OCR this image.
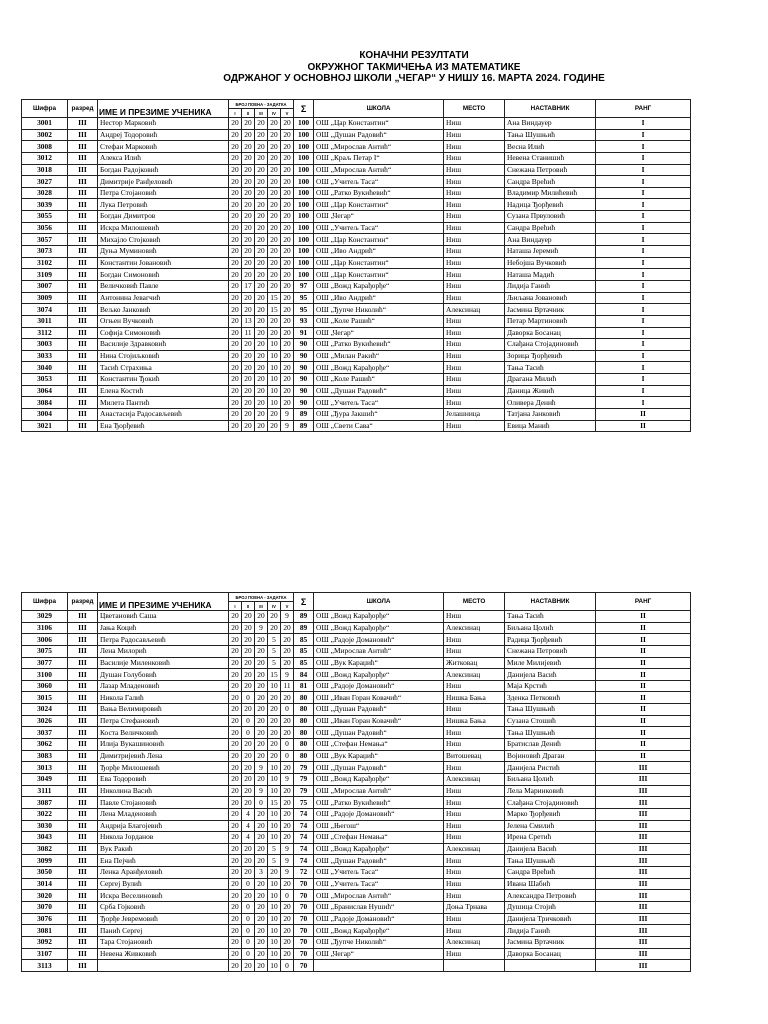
КОНАЧНИ РЕЗУЛТАТИ
ОКРУЖНОГ ТАКМИЧЕЊА ИЗ МАТЕМАТИКЕ
ОДРЖАНОГ У ОСНОВНОЈ ШКОЛИ „ЧЕГАР“ У НИШУ 16. МАРТА 2024. ГОДИНЕ
Шифра	разред	ИМЕ И ПРЕЗИМЕ УЧЕНИКА	БРОЈ ПОЕНА - ЗАДАТКА					Σ	ШКОЛА	МЕСТО	НАСТАВНИК	РАНГ
			I	II	III	IV	V					
3001	III	Нестор Марковић	20	20	20	20	20	100	ОШ „Цар Константин“	Ниш	Ана Виндауер	I
3002	III	Андреј Тодоровић	20	20	20	20	20	100	ОШ „Душан Радовић“	Ниш	Тања Шушњић	I
3008	III	Стефан Марковић	20	20	20	20	20	100	ОШ „Мирослав Антић“	Ниш	Весна Илић	I
3012	III	Алекса Илић	20	20	20	20	20	100	ОШ „Краљ Петар I“	Ниш	Невена Станишић	I
3018	III	Богдан Радојковић	20	20	20	20	20	100	ОШ „Мирослав Антић“	Ниш	Снежана Петровић	I
3027	III	Димитрије Ранђеловић	20	20	20	20	20	100	ОШ „Учитељ Таса“	Ниш	Сандра Врећић	I
3028	III	Петра Стојановић	20	20	20	20	20	100	ОШ „Ратко Вукићевић“	Ниш	Владимир Милићевић	I
3039	III	Лука Петровић	20	20	20	20	20	100	ОШ „Цар Константин“	Ниш	Надица Ђорђевић	I
3055	III	Богдан Димитров	20	20	20	20	20	100	ОШ „Чегар“	Ниш	Сузана Првуловић	I
3056	III	Искра Милошевић	20	20	20	20	20	100	ОШ „Учитељ Таса“	Ниш	Сандра Врећић	I
3057	III	Михајло Стојковић	20	20	20	20	20	100	ОШ „Цар Константин“	Ниш	Ана Виндауер	I
3073	III	Дуња Муминовић	20	20	20	20	20	100	ОШ „Иво Андрић“	Ниш	Наташа Јеремић	I
3102	III	Константин Јовановић	20	20	20	20	20	100	ОШ „Цар Константин“	Ниш	Небојша Вучковић	I
3109	III	Богдан Симоновић	20	20	20	20	20	100	ОШ „Цар Константин“	Ниш	Наташа Мадић	I
3007	III	Величковић Павле	20	17	20	20	20	97	ОШ „Вожд Карађорђе“	Ниш	Лидија Ганић	I
3009	III	Антонина Јевагчић	20	20	20	15	20	95	ОШ „Иво Андрић“	Ниш	Љиљана Јовановић	I
3074	III	Вељко Јанковић	20	20	20	15	20	95	ОШ „Ђупче Николић“	Алексинац	Јасмина Вртачник	I
3011	III	Огњен Вучковић	20	13	20	20	20	93	ОШ „Коле Рашић“	Ниш	Петар Мартиновић	I
3112	III	Софија Симоновић	20	11	20	20	20	91	ОШ „Чегар“	Ниш	Даворка Босанац	I
3003	III	Василије Здравковић	20	20	20	10	20	90	ОШ „Ратко Вукићевић“	Ниш	Слађана Стојадиновић	I
3033	III	Нина Стојиљковић	20	20	20	10	20	90	ОШ „Милан Ракић“	Ниш	Зорица Ђорђевић	I
3040	III	Тасић Страхиња	20	20	20	10	20	90	ОШ „Вожд Карађорђе“	Ниш	Тања Тасић	I
3053	III	Константин Ђокић	20	20	20	10	20	90	ОШ „Коле Рашић“	Ниш	Драгана Милић	I
3064	III	Елена Костић	20	20	20	10	20	90	ОШ „Душан Радовић“	Ниш	Даница Живић	I
3084	III	Милета Пантић	20	20	20	10	20	90	ОШ „Учитељ Таса“	Ниш	Оливера Денић	I
3004	III	Анастасија Радосављевић	20	20	20	20	9	89	ОШ „Ђура Јакшић“	Јелашница	Татјана Јанковић	II
3021	III	Ена Ђорђевић	20	20	20	20	9	89	ОШ „Свети Сава“	Ниш	Евица Манић	II
Шифра	разред	ИМЕ И ПРЕЗИМЕ УЧЕНИКА	БРОЈ ПОЕНА - ЗАДАТКА					Σ	ШКОЛА	МЕСТО	НАСТАВНИК	РАНГ
			I	II	III	IV	V					
3029	III	Цветановић Саша	20	20	20	20	9	89	ОШ „Вожд Карађорђе“	Ниш	Тања Тасић	II
3106	III	Јања Коцић	20	20	9	20	20	89	ОШ „Вожд Карађорђе“	Алексинац	Биљана Цолић	II
3006	III	Петра Радосављевић	20	20	20	5	20	85	ОШ „Радоје Домановић“	Ниш	Радица Ђорђевић	II
3075	III	Лена Милорић	20	20	20	5	20	85	ОШ „Мирослав Антић“	Ниш	Снежана Петровић	II
3077	III	Василије Миленковић	20	20	20	5	20	85	ОШ „Вук Караџић“	Житковац	Миле Милијевић	II
3100	III	Душан Голубовић	20	20	20	15	9	84	ОШ „Вожд Карађорђе“	Алексинац	Данијела Васић	II
3060	III	Лазар Младеновић	20	20	20	10	11	81	ОШ „Радоје Домановић“	Ниш	Маја Крстић	II
3015	III	Никола Галић	20	0	20	20	20	80	ОШ „Иван Горан Ковачић“	Нишка Бања	Зденка Петковић	II
3024	III	Вања Велимировић	20	20	20	20	0	80	ОШ „Душан Радовић“	Ниш	Тања Шушњић	II
3026	III	Петра Стефановић	20	0	20	20	20	80	ОШ „Иван Горан Ковачић“	Нишка Бања	Сузана Стошић	II
3037	III	Коста Величковић	20	0	20	20	20	80	ОШ „Душан Радовић“	Ниш	Тања Шушњић	II
3062	III	Илија Вукашиновић	20	20	20	20	0	80	ОШ „Стефан Немања“	Ниш	Братислав Денић	II
3083	III	Димитријевић Лена	20	20	20	20	0	80	ОШ „Вук Караџић“	Витошевац	Војиновић Драган	II
3013	III	Ђорђе Милошевић	20	20	9	10	20	79	ОШ „Душан Радовић“	Ниш	Данијела Ристић	III
3049	III	Ева Тодоровић	20	20	20	10	9	79	ОШ „Вожд Карађорђе“	Алексинац	Биљана Цолић	III
3111	III	Николина Васић	20	20	9	10	20	79	ОШ „Мирослав Антић“	Ниш	Лела Маринковић	III
3087	III	Павле Стојановић	20	20	0	15	20	75	ОШ „Ратко Вукићевић“	Ниш	Слађана Стојадиновић	III
3022	III	Лена Младеновић	20	4	20	10	20	74	ОШ „Радоје Домановић“	Ниш	Марко Ђорђевић	III
3030	III	Андрија Благојевић	20	4	20	10	20	74	ОШ „Његош“	Ниш	Јелена Смилић	III
3043	III	Никола Јорданов	20	4	20	10	20	74	ОШ „Стефан Немања“	Ниш	Ирена Сретић	III
3082	III	Вук Ракић	20	20	20	5	9	74	ОШ „Вожд Карађорђе“	Алексинац	Данијела Васић	III
3099	III	Ена Пејчић	20	20	20	5	9	74	ОШ „Душан Радовић“	Ниш	Тања Шушњић	III
3050	III	Ленка Аранђеловић	20	20	3	20	9	72	ОШ „Учитељ Таса“	Ниш	Сандра Врећић	III
3014	III	Сергеј Вулић	20	0	20	10	20	70	ОШ „Учитељ Таса“	Ниш	Ивана Шабић	III
3020	III	Искра Веселиновић	20	20	20	10	0	70	ОШ „Мирослав Антић“	Ниш	Александра Петровић	III
3070	III	Срба Гојковић	20	0	20	10	20	70	ОШ „Бранислав Нушић“	Доња Трнава	Душица Стојић	III
3076	III	Ђорђе Јевремовић	20	0	20	10	20	70	ОШ „Радоје Домановић“	Ниш	Данијела Тричковић	III
3081	III	Панић Сергеј	20	0	20	10	20	70	ОШ „Вожд Карађорђе“	Ниш	Лидија Ганић	III
3092	III	Тара Стојановић	20	0	20	10	20	70	ОШ „Ђупче Николић“	Алексинац	Јасмина Вртачник	III
3107	III	Невена Живковић	20	0	20	10	20	70	ОШ „Чегар“	Ниш	Даворка Босанац	III
3113	III		20	20	20	10	0	70				III
